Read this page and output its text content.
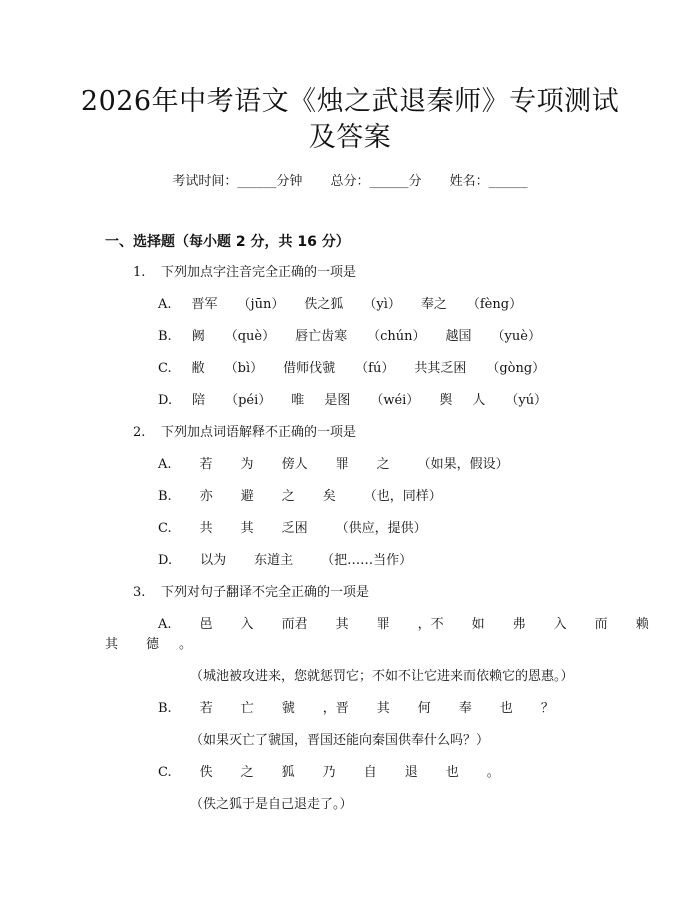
2026年中考语文《烛之武退秦师》专项测试
及答案
考试时间：______分钟 总分：______分 姓名：______
一、选择题（每小题 2 分，共 16 分）
1. 下列加点字注音完全正确的一项是
A. 晋军 （jūn） 佚之狐 （yì） 奉之 （fèng）
B. 阙 （què） 唇亡齿寒 （chún） 越国 （yuè）
C. 敝 （bì） 借师伐虢 （fú） 共其乏困 （gòng）
D. 陪 （péi） 唯 是图 （wéi） 舆 人 （yú）
2. 下列加点词语解释不正确的一项是
A. 若 为 傍人 罪 之 （如果，假设）
B. 亦 避 之 矣 （也，同样）
C. 共 其 乏困 （供应，提供）
D. 以为 东道主 （把……当作）
3. 下列对句子翻译不完全正确的一项是
A. 邑 入 而君 其 罪 ，不 如 弗 入 而 赖
其 德 。
（城池被攻进来，您就惩罚它；不如不让它进来而依赖它的恩惠。）
B. 若 亡 虢 ，晋 其 何 奉 也 ？
（如果灭亡了虢国，晋国还能向秦国供奉什么吗？）
C. 佚 之 狐 乃 自 退 也 。
（佚之狐于是自己退走了。）
